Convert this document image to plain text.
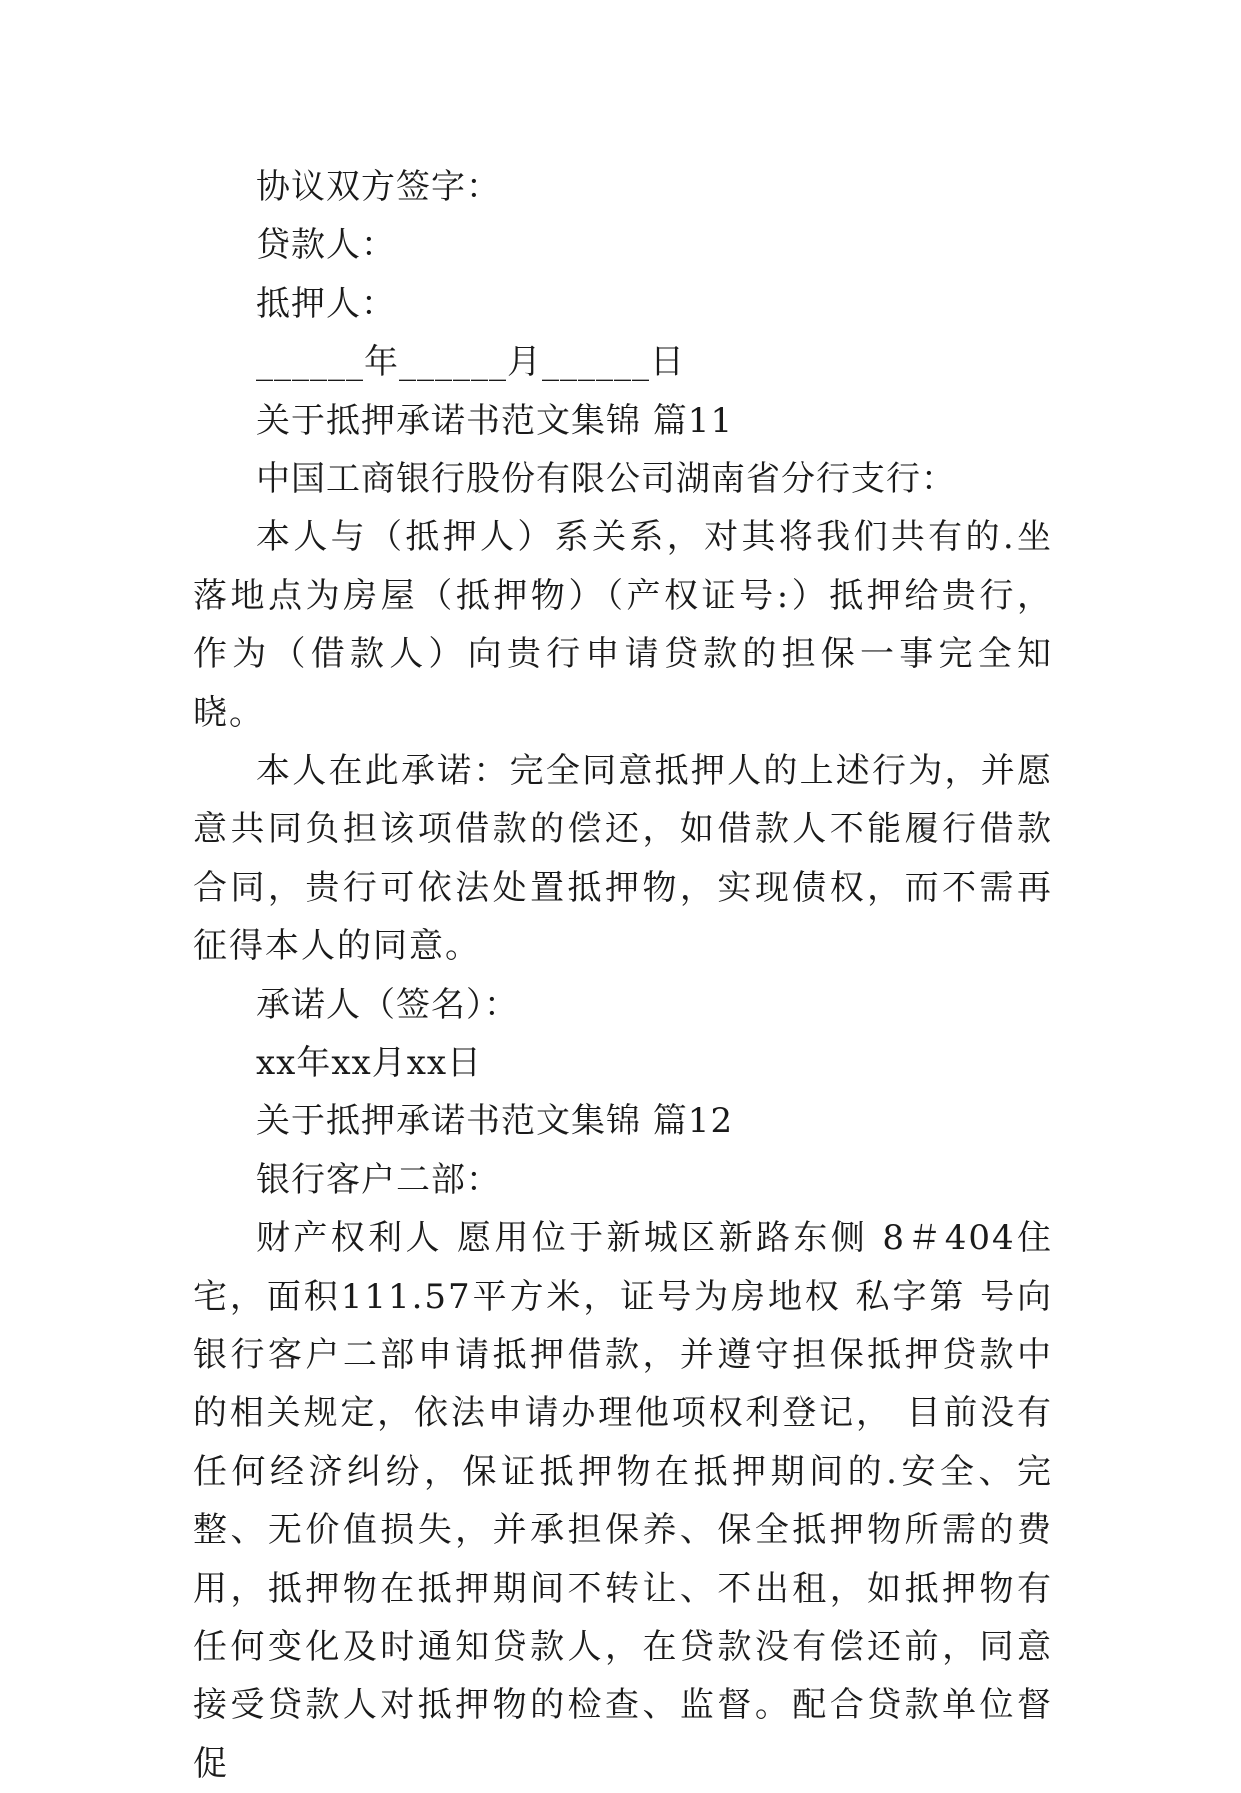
协议双方签字：
贷款人：
抵押人：
______年______月______日
关于抵押承诺书范文集锦 篇11
中国工商银行股份有限公司湖南省分行支行：

本人与（抵押人）系关系，对其将我们共有的.坐落地点为房屋（抵押物）（产权证号:）抵押给贵行，作为（借款人）向贵行申请贷款的担保一事完全知晓。

本人在此承诺：完全同意抵押人的上述行为，并愿意共同负担该项借款的偿还，如借款人不能履行借款合同，贵行可依法处置抵押物，实现债权，而不需再征得本人的同意。

承诺人（签名）：
xx年xx月xx日
关于抵押承诺书范文集锦 篇12
银行客户二部：

财产权利人 愿用位于新城区新路东侧 8＃404住宅，面积111.57平方米，证号为房地权 私字第 号向 银行客户二部申请抵押借款，并遵守担保抵押贷款中的相关规定，依法申请办理他项权利登记， 目前没有任何经济纠纷，保证抵押物在抵押期间的.安全、完整、无价值损失，并承担保养、保全抵押物所需的费用，抵押物在抵押期间不转让、不出租，如抵押物有任何变化及时通知贷款人，在贷款没有偿还前，同意接受贷款人对抵押物的检查、监督。配合贷款单位督促
